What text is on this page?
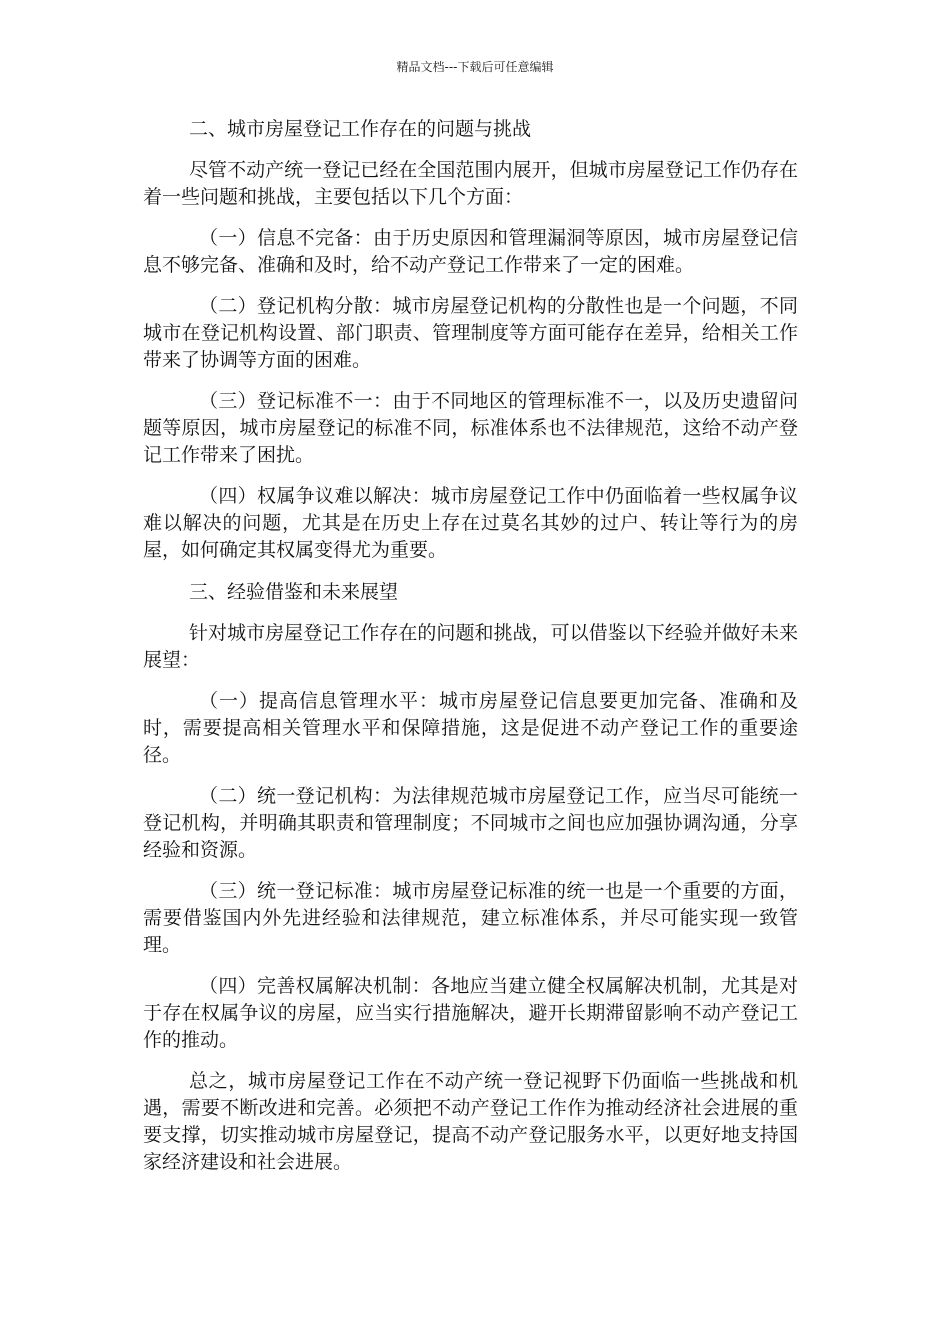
精品文档---下载后可任意编辑
二、城市房屋登记工作存在的问题与挑战

尽管不动产统一登记已经在全国范围内展开，但城市房屋登记工作仍存在着一些问题和挑战，主要包括以下几个方面：

（一）信息不完备：由于历史原因和管理漏洞等原因，城市房屋登记信息不够完备、准确和及时，给不动产登记工作带来了一定的困难。

（二）登记机构分散：城市房屋登记机构的分散性也是一个问题，不同城市在登记机构设置、部门职责、管理制度等方面可能存在差异，给相关工作带来了协调等方面的困难。

（三）登记标准不一：由于不同地区的管理标准不一，以及历史遗留问题等原因，城市房屋登记的标准不同，标准体系也不法律规范，这给不动产登记工作带来了困扰。

（四）权属争议难以解决：城市房屋登记工作中仍面临着一些权属争议难以解决的问题，尤其是在历史上存在过莫名其妙的过户、转让等行为的房屋，如何确定其权属变得尤为重要。

三、经验借鉴和未来展望

针对城市房屋登记工作存在的问题和挑战，可以借鉴以下经验并做好未来展望：

（一）提高信息管理水平：城市房屋登记信息要更加完备、准确和及时，需要提高相关管理水平和保障措施，这是促进不动产登记工作的重要途径。

（二）统一登记机构：为法律规范城市房屋登记工作，应当尽可能统一登记机构，并明确其职责和管理制度；不同城市之间也应加强协调沟通，分享经验和资源。

（三）统一登记标准：城市房屋登记标准的统一也是一个重要的方面，需要借鉴国内外先进经验和法律规范，建立标准体系，并尽可能实现一致管理。

（四）完善权属解决机制：各地应当建立健全权属解决机制，尤其是对于存在权属争议的房屋，应当实行措施解决，避开长期滞留影响不动产登记工作的推动。

总之，城市房屋登记工作在不动产统一登记视野下仍面临一些挑战和机遇，需要不断改进和完善。必须把不动产登记工作作为推动经济社会进展的重要支撑，切实推动城市房屋登记，提高不动产登记服务水平，以更好地支持国家经济建设和社会进展。
